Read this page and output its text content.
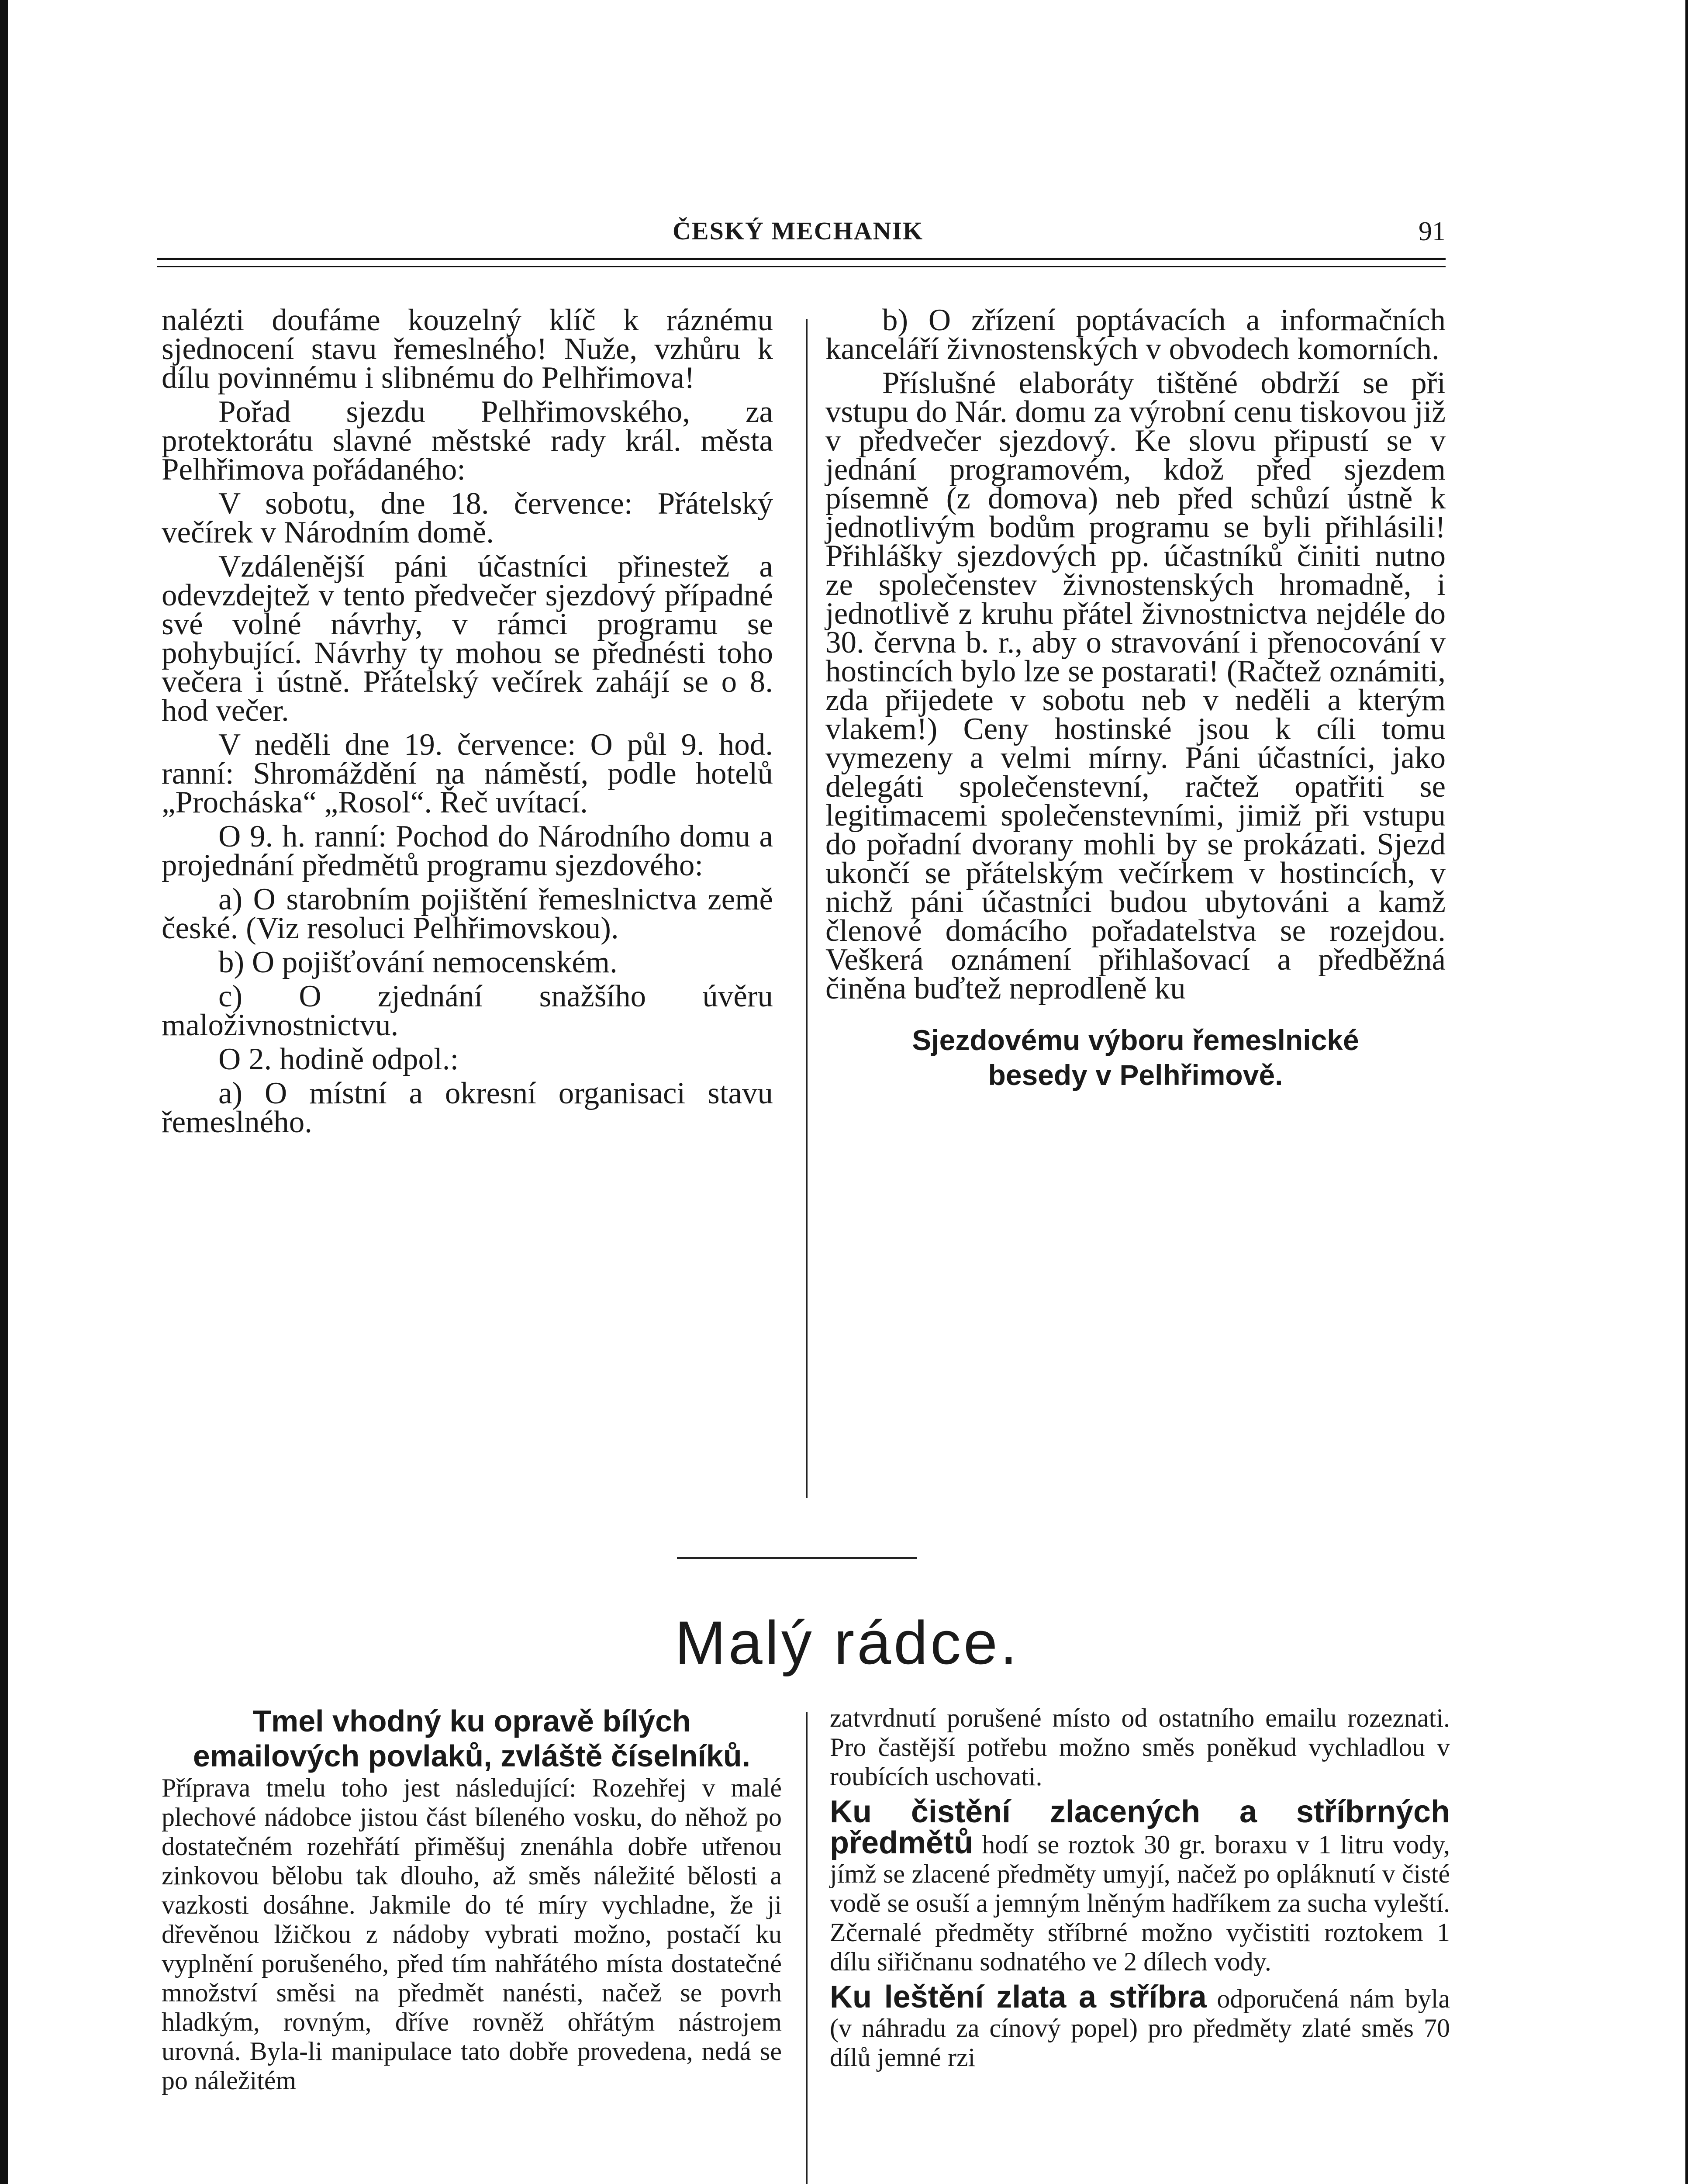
ČESKÝ MECHANIK	91

nalézti doufáme kouzelný klíč k ráznému sjednocení stavu řemeslného! Nuže, vzhůru k dílu povinnému i slibnému do Pelhřimova!

Pořad sjezdu Pelhřimovského, za protektorátu slavné městské rady král. města Pelhřimova pořádaného:

V sobotu, dne 18. července: Přátelský večírek v Národním domě.

Vzdálenější páni účastníci přinestež a odevzdejtež v tento předvečer sjezdový případné své volné návrhy, v rámci programu se pohybující. Návrhy ty mohou se přednésti toho večera i ústně. Přátelský večírek zahájí se o 8. hod večer.

V neděli dne 19. července: O půl 9. hod. ranní: Shromáždění na náměstí, podle hotelů „Procháska“ „Rosol“. Řeč uvítací.

O 9. h. ranní: Pochod do Národního domu a projednání předmětů programu sjezdového:

a) O starobním pojištění řemeslnictva země české. (Viz resoluci Pelhřimovskou).

b) O pojišťování nemocenském.

c) O zjednání snažšího úvěru maloživnostnictvu.

O 2. hodině odpol.:

a) O místní a okresní organisaci stavu řemeslného.

b) O zřízení poptávacích a informačních kanceláří živnostenských v obvodech komorních.

Příslušné elaboráty tištěné obdrží se při vstupu do Nár. domu za výrobní cenu tiskovou již v předvečer sjezdový. Ke slovu připustí se v jednání programovém, kdož před sjezdem písemně (z domova) neb před schůzí ústně k jednotlivým bodům programu se byli přihlásili! Přihlášky sjezdových pp. účastníků činiti nutno ze společenstev živnostenských hromadně, i jednotlivě z kruhu přátel živnostnictva nejdéle do 30. června b. r., aby o stravování i přenocování v hostincích bylo lze se postarati! (Račtež oznámiti, zda přijedete v sobotu neb v neděli a kterým vlakem!) Ceny hostinské jsou k cíli tomu vymezeny a velmi mírny. Páni účastníci, jako delegáti společenstevní, račtež opatřiti se legitimacemi společenstevními, jimiž při vstupu do pořadní dvorany mohli by se prokázati. Sjezd ukončí se přátelským večírkem v hostincích, v nichž páni účastníci budou ubytováni a kamž členové domácího pořadatelstva se rozejdou. Veškerá oznámení přihlašovací a předběžná činěna buďtež neprodleně ku

Sjezdovému výboru řemeslnické
besedy v Pelhřimově.
Malý rádce.
Tmel vhodný ku opravě bílých
emailových povlaků, zvláště číselníků.

Příprava tmelu toho jest následující: Rozehřej v malé plechové nádobce jistou část bíleného vosku, do něhož po dostatečném rozehřátí přiměšuj znenáhla dobře utřenou zinkovou bělobu tak dlouho, až směs náležité bělosti a vazkosti dosáhne. Jakmile do té míry vychladne, že ji dřevěnou lžičkou z nádoby vybrati možno, postačí ku vyplnění porušeného, před tím nahřátého místa dostatečné množství směsi na předmět nanésti, načež se povrh hladkým, rovným, dříve rovněž ohřátým nástrojem urovná. Byla-li manipulace tato dobře provedena, nedá se po náležitém

zatvrdnutí porušené místo od ostatního emailu rozeznati. Pro častější potřebu možno směs poněkud vychladlou v roubících uschovati.

Ku čistění zlacených a stříbrných předmětů hodí se roztok 30 gr. boraxu v 1 litru vody, jímž se zlacené předměty umyjí, načež po opláknutí v čisté vodě se osuší a jemným lněným hadříkem za sucha vyleští. Zčernalé předměty stříbrné možno vyčistiti roztokem 1 dílu siřičnanu sodnatého ve 2 dílech vody.

Ku leštění zlata a stříbra odporučená nám byla (v náhradu za cínový popel) pro předměty zlaté směs 70 dílů jemné rzi
